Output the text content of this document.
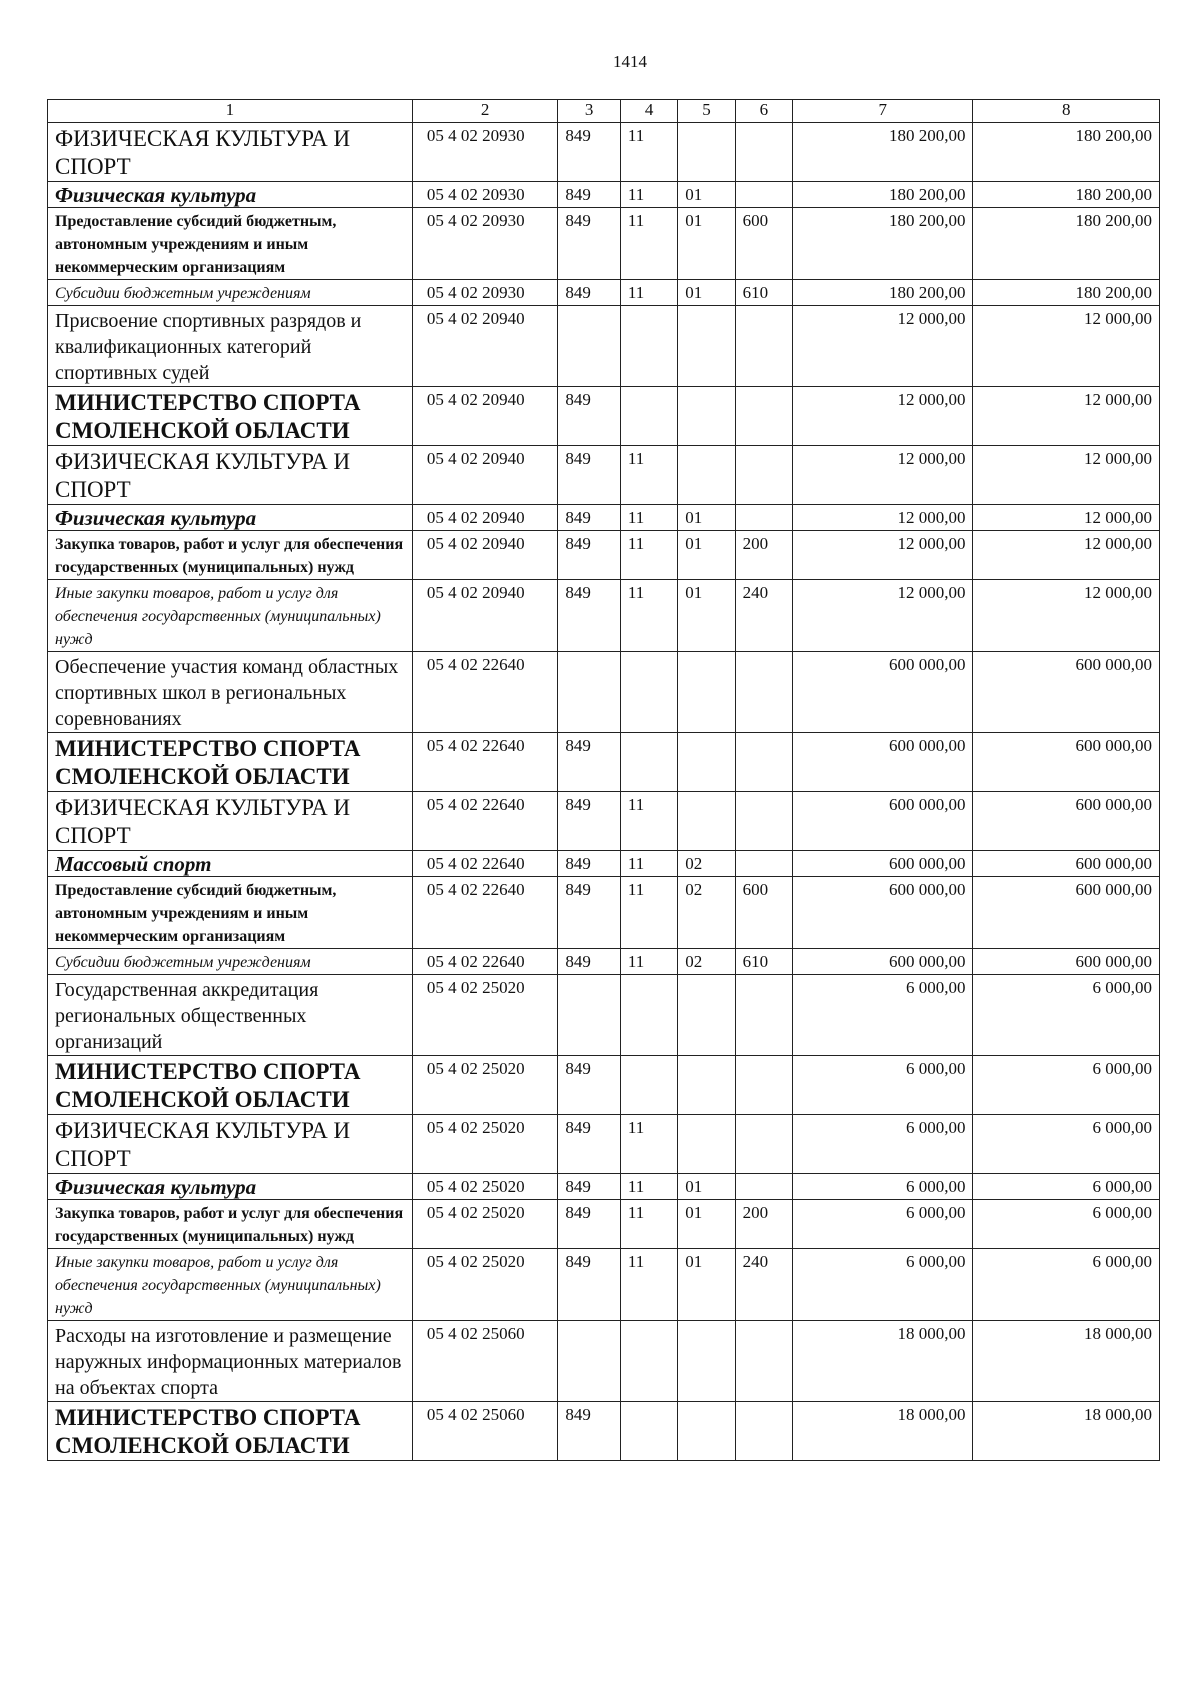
1414
1	2	3	4	5	6	7	8
ФИЗИЧЕСКАЯ КУЛЬТУРА И СПОРТ	05 4 02 20930	849	11			180 200,00	180 200,00
Физическая культура	05 4 02 20930	849	11	01		180 200,00	180 200,00
Предоставление субсидий бюджетным, автономным учреждениям и иным некоммерческим организациям	05 4 02 20930	849	11	01	600	180 200,00	180 200,00
Субсидии бюджетным учреждениям	05 4 02 20930	849	11	01	610	180 200,00	180 200,00
Присвоение спортивных разрядов и квалификационных категорий спортивных судей	05 4 02 20940					12 000,00	12 000,00
МИНИСТЕРСТВО СПОРТА СМОЛЕНСКОЙ ОБЛАСТИ	05 4 02 20940	849				12 000,00	12 000,00
ФИЗИЧЕСКАЯ КУЛЬТУРА И СПОРТ	05 4 02 20940	849	11			12 000,00	12 000,00
Физическая культура	05 4 02 20940	849	11	01		12 000,00	12 000,00
Закупка товаров, работ и услуг для обеспечения государственных (муниципальных) нужд	05 4 02 20940	849	11	01	200	12 000,00	12 000,00
Иные закупки товаров, работ и услуг для обеспечения государственных (муниципальных) нужд	05 4 02 20940	849	11	01	240	12 000,00	12 000,00
Обеспечение участия команд областных спортивных школ в региональных соревнованиях	05 4 02 22640					600 000,00	600 000,00
МИНИСТЕРСТВО СПОРТА СМОЛЕНСКОЙ ОБЛАСТИ	05 4 02 22640	849				600 000,00	600 000,00
ФИЗИЧЕСКАЯ КУЛЬТУРА И СПОРТ	05 4 02 22640	849	11			600 000,00	600 000,00
Массовый спорт	05 4 02 22640	849	11	02		600 000,00	600 000,00
Предоставление субсидий бюджетным, автономным учреждениям и иным некоммерческим организациям	05 4 02 22640	849	11	02	600	600 000,00	600 000,00
Субсидии бюджетным учреждениям	05 4 02 22640	849	11	02	610	600 000,00	600 000,00
Государственная аккредитация региональных общественных организаций	05 4 02 25020					6 000,00	6 000,00
МИНИСТЕРСТВО СПОРТА СМОЛЕНСКОЙ ОБЛАСТИ	05 4 02 25020	849				6 000,00	6 000,00
ФИЗИЧЕСКАЯ КУЛЬТУРА И СПОРТ	05 4 02 25020	849	11			6 000,00	6 000,00
Физическая культура	05 4 02 25020	849	11	01		6 000,00	6 000,00
Закупка товаров, работ и услуг для обеспечения государственных (муниципальных) нужд	05 4 02 25020	849	11	01	200	6 000,00	6 000,00
Иные закупки товаров, работ и услуг для обеспечения государственных (муниципальных) нужд	05 4 02 25020	849	11	01	240	6 000,00	6 000,00
Расходы на изготовление и размещение наружных информационных материалов на объектах спорта	05 4 02 25060					18 000,00	18 000,00
МИНИСТЕРСТВО СПОРТА СМОЛЕНСКОЙ ОБЛАСТИ	05 4 02 25060	849				18 000,00	18 000,00
